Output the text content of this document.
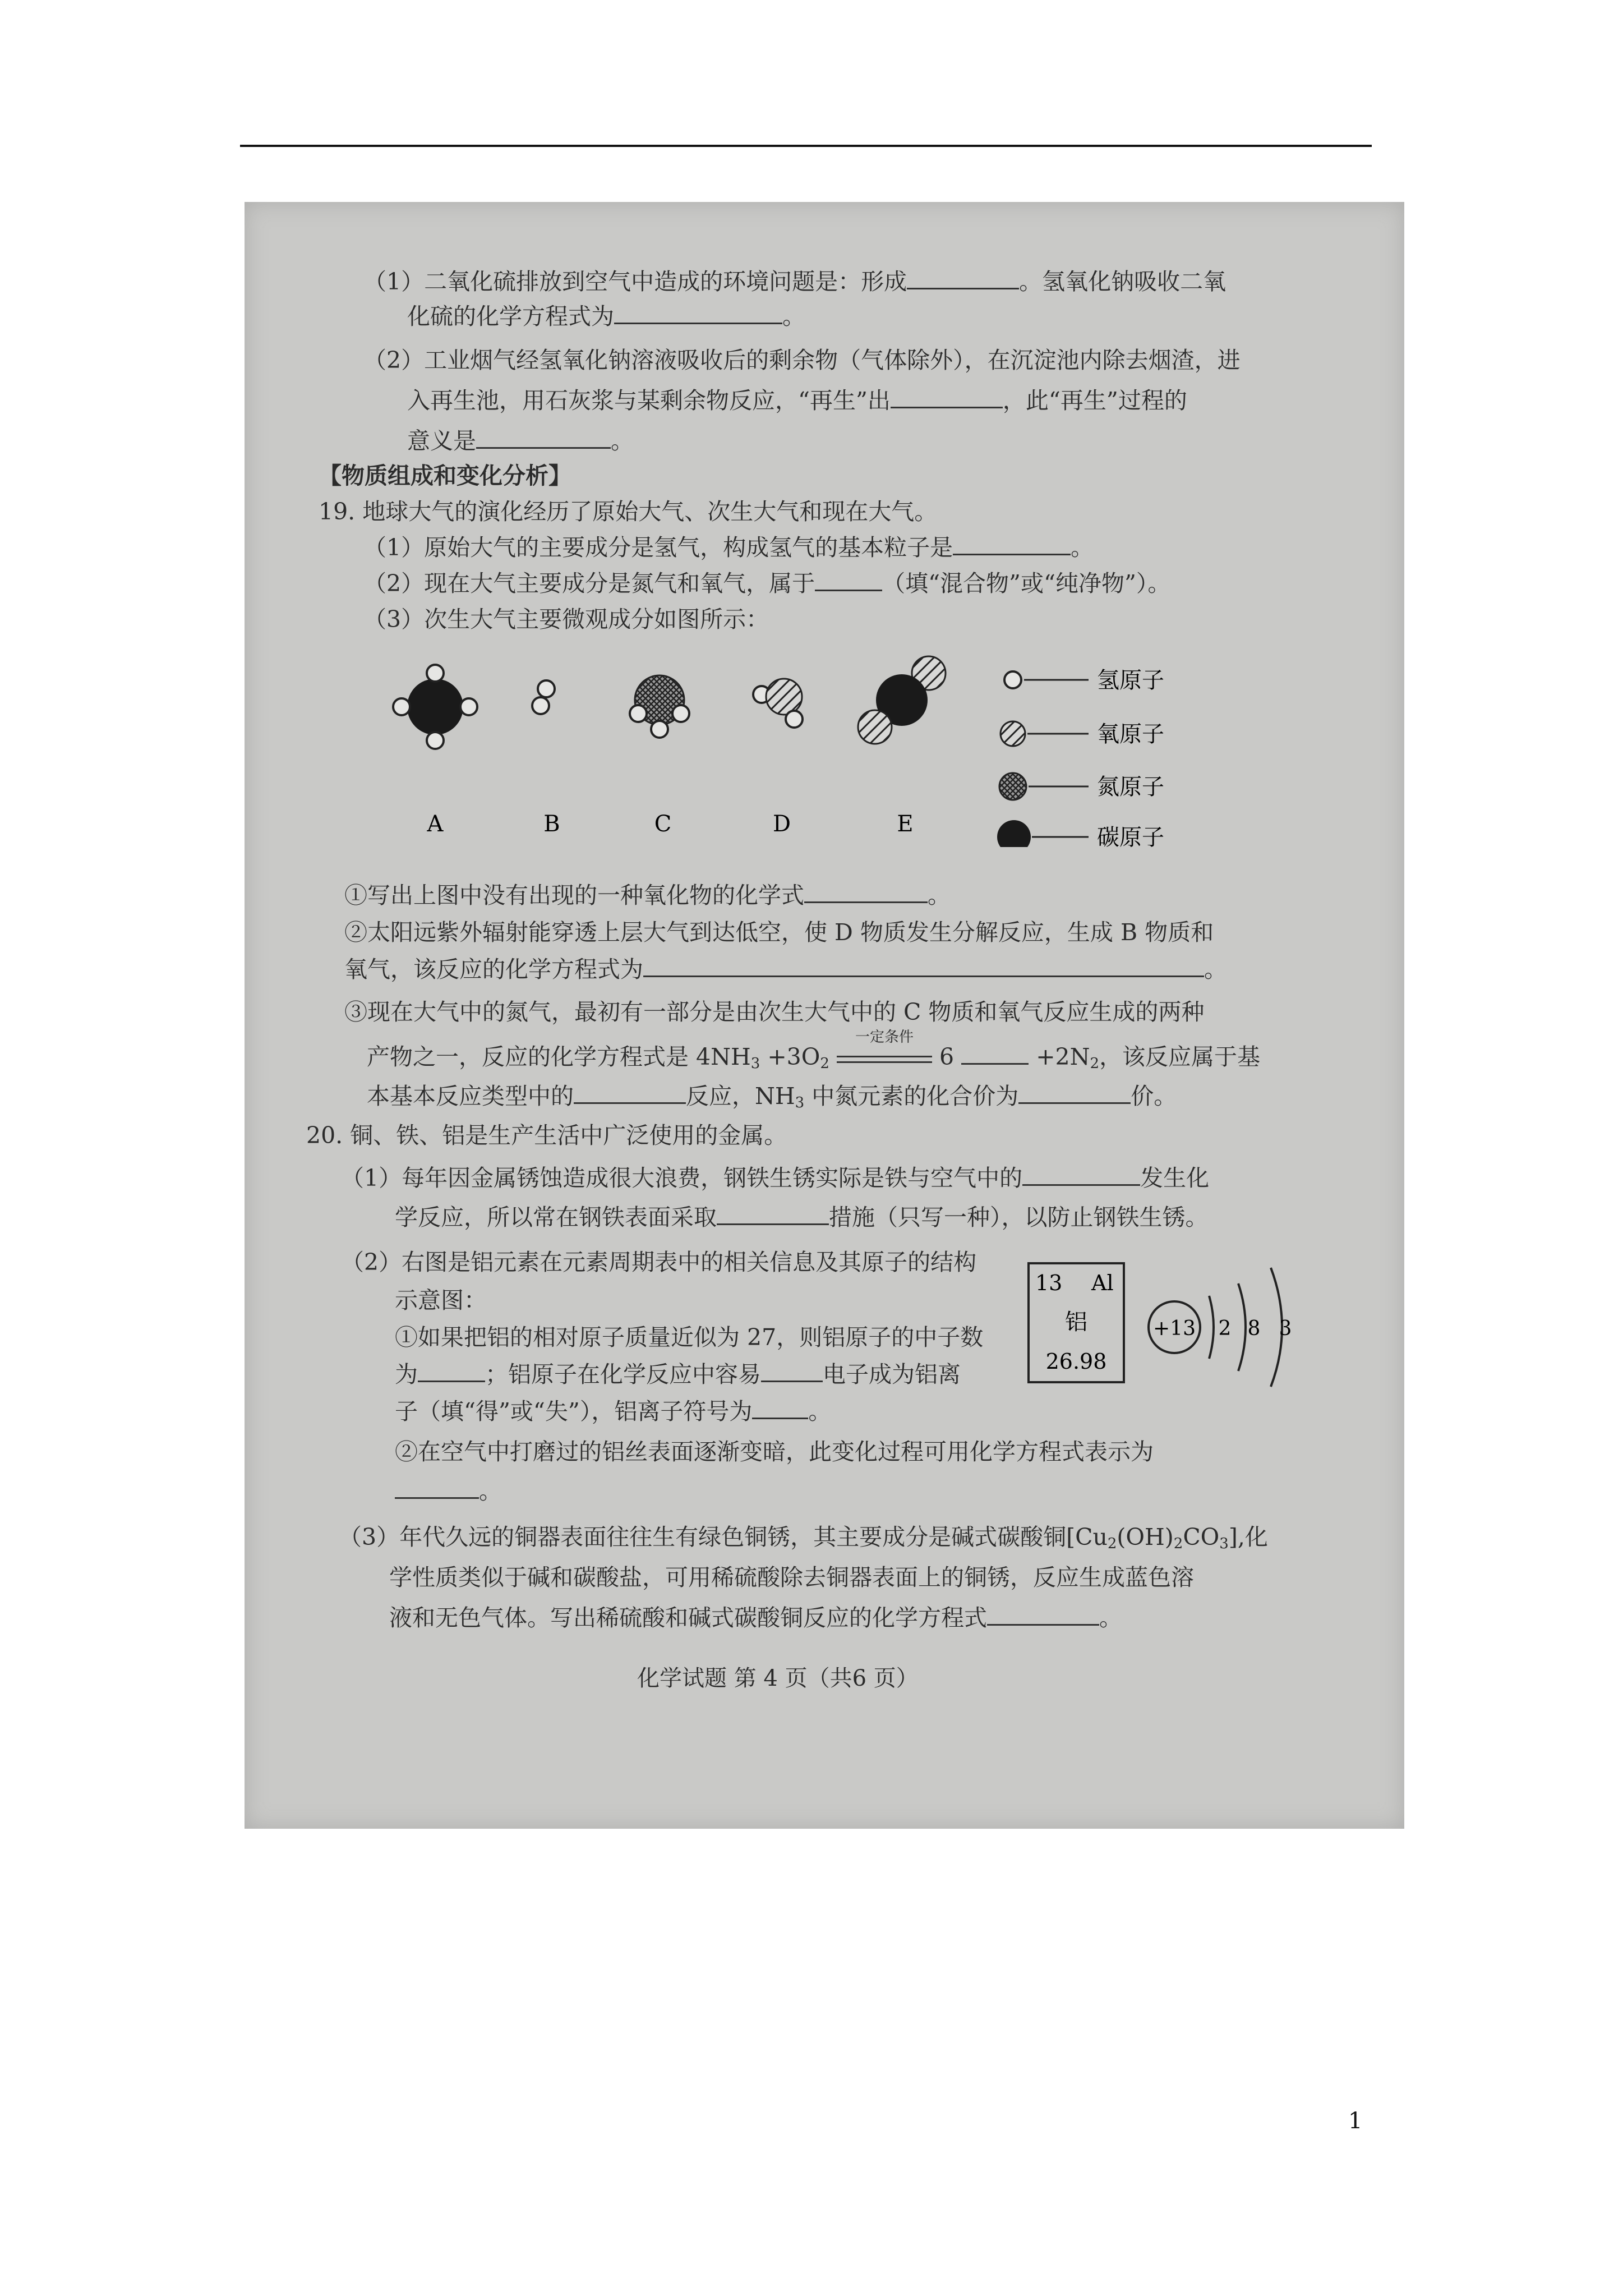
（1）二氧化硫排放到空气中造成的环境问题是：形成	。氢氧化钠吸收二氧
化硫的化学方程式为	。
（2）工业烟气经氢氧化钠溶液吸收后的剩余物（气体除外），在沉淀池内除去烟渣，进
入再生池，用石灰浆与某剩余物反应，“再生”出	，此“再生”过程的
意义是	。
【物质组成和变化分析】
19. 地球大气的演化经历了原始大气、次生大气和现在大气。
（1）原始大气的主要成分是氢气，构成氢气的基本粒子是	。
（2）现在大气主要成分是氮气和氧气，属于	（填“混合物”或“纯净物”）。
（3）次生大气主要微观成分如图所示：
A	B	C	D	E
氢原子
氧原子
氮原子
碳原子
①写出上图中没有出现的一种氧化物的化学式	。
②太阳远紫外辐射能穿透上层大气到达低空，使 D 物质发生分解反应，生成 B 物质和
氧气，该反应的化学方程式为	。
③现在大气中的氮气，最初有一部分是由次生大气中的 C 物质和氧气反应生成的两种
产物之一，反应的化学方程式是 $4NH_3 +3O_2$
一定条件
6	$+2N_2$，该反应属于基
本基本反应类型中的	反应，$NH_3$ 中氮元素的化合价为	价。
20. 铜、铁、铝是生产生活中广泛使用的金属。
（1）每年因金属锈蚀造成很大浪费，钢铁生锈实际是铁与空气中的	发生化
学反应，所以常在钢铁表面采取	措施（只写一种），以防止钢铁生锈。
（2）右图是铝元素在元素周期表中的相关信息及其原子的结构
示意图：
①如果把铝的相对原子质量近似为 27，则铝原子的中子数
为	；铝原子在化学反应中容易	电子成为铝离
子（填“得”或“失”），铝离子符号为 。
②在空气中打磨过的铝丝表面逐渐变暗，此变化过程可用化学方程式表示为
。
13 Al
铝
26.98
+13 2 8 3
（3）年代久远的铜器表面往往生有绿色铜锈，其主要成分是碱式碳酸铜$[Cu_2(OH)_2CO_3]$,化
学性质类似于碱和碳酸盐，可用稀硫酸除去铜器表面上的铜锈，反应生成蓝色溶
液和无色气体。写出稀硫酸和碱式碳酸铜反应的化学方程式	。
化学试题 第 4 页（共6 页）
1
